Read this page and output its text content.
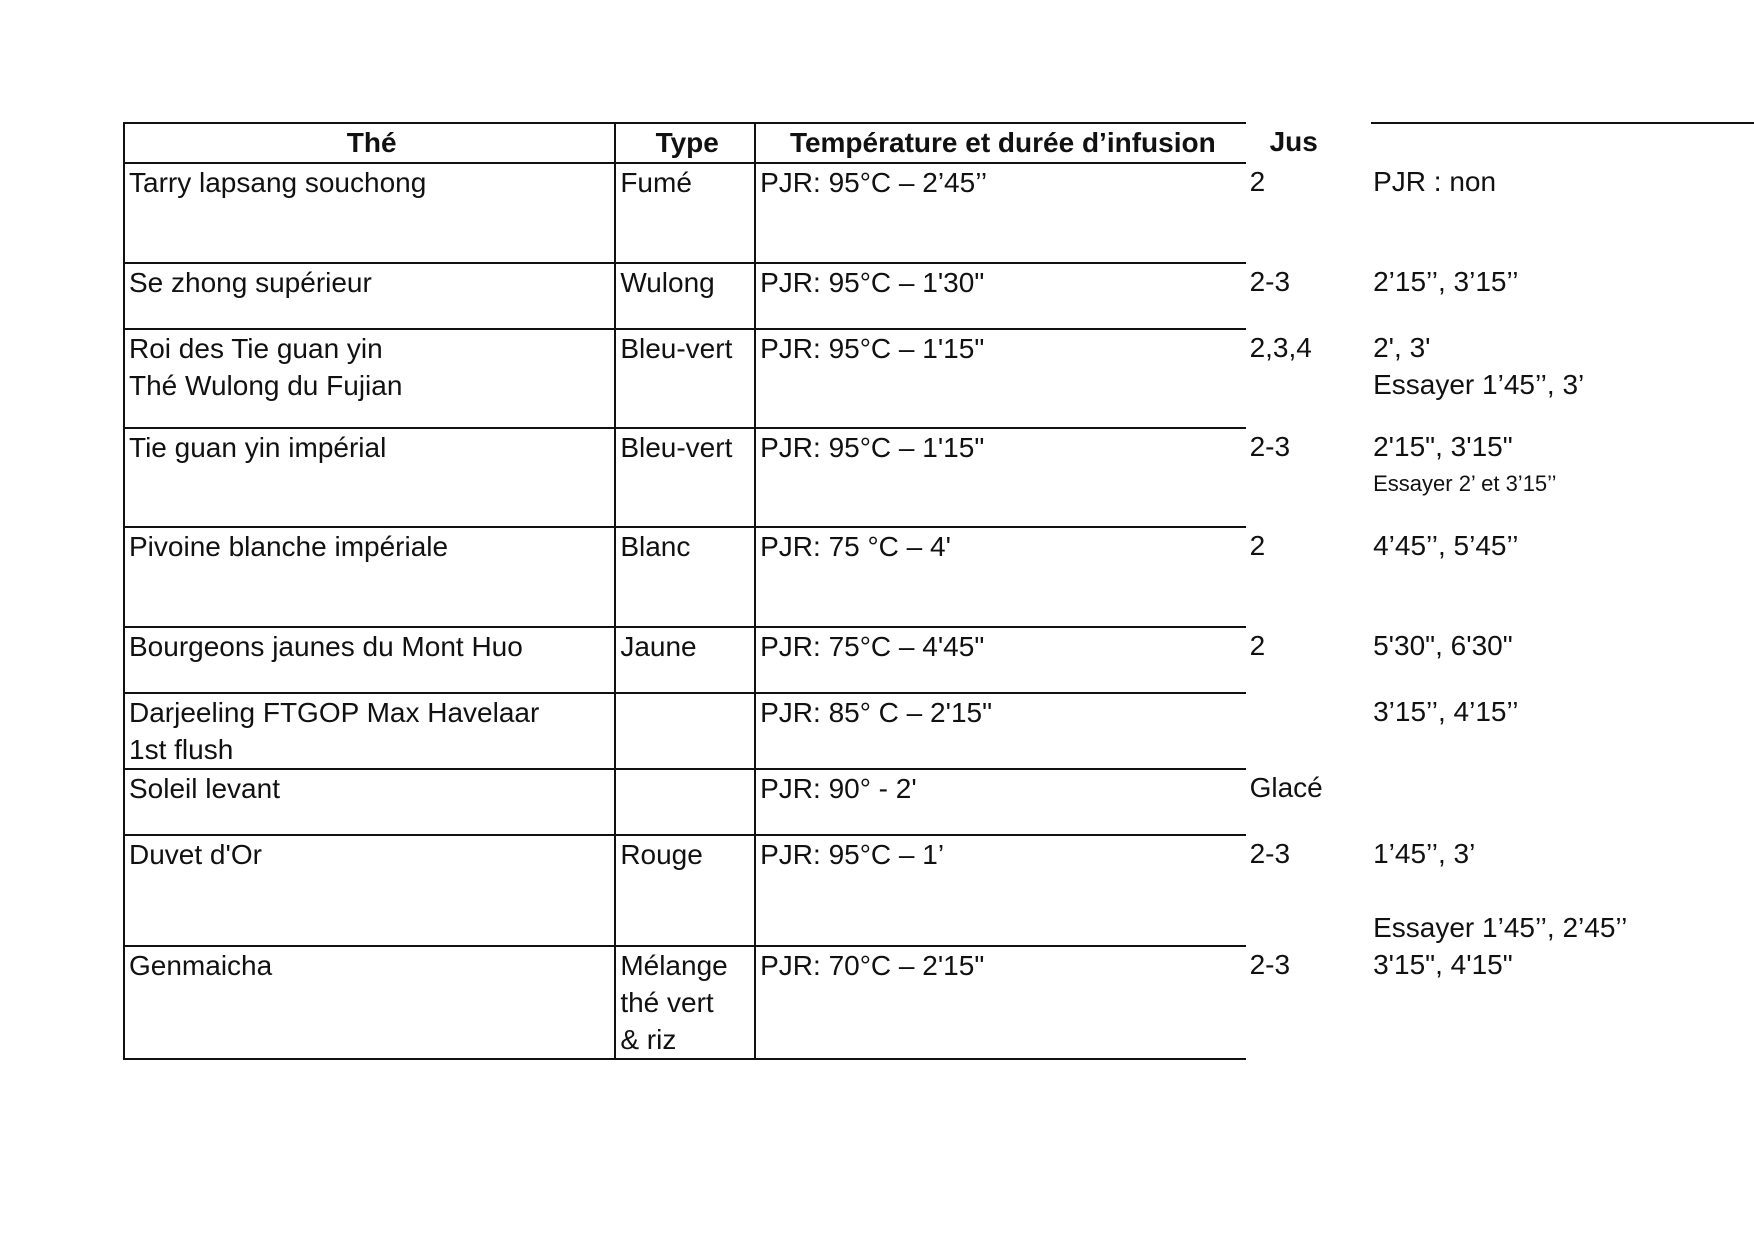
Thé	Type	Température et durée d’infusion	Jus	

Tarry lapsang souchong	Fumé	PJR: 95°C – 2’45’’	2	PJR : non

Se zhong supérieur	Wulong	PJR: 95°C – 1'30"	2-3	2’15’’, 3’15’’

Roi des Tie guan yin
Thé Wulong du Fujian	Bleu-vert	PJR: 95°C – 1'15"	2,3,4	2', 3'
Essayer 1’45’’, 3’

Tie guan yin impérial	Bleu-vert	PJR: 95°C – 1'15"	2-3	2'15", 3'15"
Essayer 2’ et 3’15’’

Pivoine blanche impériale	Blanc	PJR: 75 °C – 4'	2	4’45’’, 5’45’’

Bourgeons jaunes du Mont Huo	Jaune	PJR: 75°C – 4'45"	2	5'30", 6'30"

Darjeeling FTGOP Max Havelaar
1st flush		PJR: 85° C – 2'15"		3’15’’, 4’15’’

Soleil levant		PJR: 90° - 2'	Glacé	

Duvet d'Or	Rouge	PJR: 95°C – 1’	2-3	1’45’’, 3’
Essayer 1’45’’, 2’45’’

Genmaicha	Mélange
thé vert
& riz	PJR: 70°C – 2'15"	2-3	3'15", 4'15"
